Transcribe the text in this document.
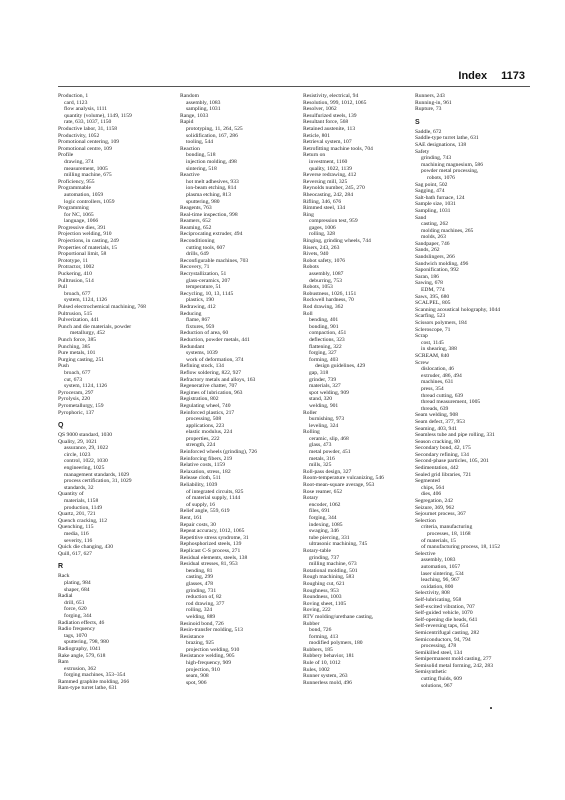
Index 1173
Production, 1
card, 1123
flow analysis, 1111
quantity (volume), 1149, 1159
rate, 633, 1037, 1150
Productive labor, 31, 1158
Productivity, 1052
Promotional centering, 109
Promotional centre, 109
Profile
drawing, 374
measurement, 1005
milling machine, 675
Proficiency, 955
Programmable
automation, 1059
logic controllers, 1059
Programming
for NC, 1065
language, 1066
Progressive dies, 391
Projection welding, 910
Projections, in casting, 249
Properties of materials, 15
Proportional limit, 58
Prototype, 11
Protractor, 1002
Puckering, 410
Pulltrusion, 514
Pull
broach, 677
system, 1124, 1126
Pulsed electrochemical machining, 768
Pultrusion, 515
Pulverization, 441
Punch and die materials, powder
metallurgy, 452
Punch force, 385
Punching, 385
Pure metals, 101
Purging casting, 251
Push
broach, 677
cut, 673
system, 1124, 1126
Pyroceram, 297
Pyrolysis, 220
Pyrometallurgy, 159
Pyrophoric, 137
Q
QS 9000 standard, 1030
Quality, 29, 1021
assurance, 29, 1022
circle, 1023
control, 1022, 1030
engineering, 1025
management standards, 1029
process certification, 31, 1029
standards, 32
Quantity of
materials, 1158
production, 1149
Quartz, 201, 721
Quench cracking, 112
Quenching, 115
media, 116
severity, 116
Quick die changing, 430
Quill, 617, 627
R
Rack
plating, 984
shaper, 684
Radial
drill, 651
force, 620
forging, 344
Radiation effects, 46
Radio frequency
tags, 1070
sputtering, 798, 980
Radiography, 1041
Rake angle, 579, 618
Ram
extrusion, 362
forging machines, 353–354
Rammed graphite molding, 266
Ram-type turret lathe, 631
Random
assembly, 1083
sampling, 1031
Range, 1033
Rapid
prototyping, 11, 264, 525
solidification, 167, 286
tooling, 544
Reaction
bonding, 518
injection molding, 498
sintering, 518
Reactive
hot melt adhesives, 933
ion-beam etching, 814
plasma etching, 813
sputtering, 980
Reagents, 763
Real-time inspection, 998
Reamers, 652
Reaming, 652
Reciprocating extruder, 494
Reconditioning
cutting tools, 607
drills, 649
Reconfigurable machines, 703
Recovery, 71
Recrystallization, 51
glass-ceramics, 207
temperature, 51
Recycling, 10, 13, 1145
plastics, 190
Redrawing, 412
Reducing
flame, 867
fixtures, 959
Reduction of area, 60
Reduction, powder metals, 441
Redundant
systems, 1039
work of deformation, 374
Refining stock, 134
Reflow soldering, 822, 927
Refractory metals and alloys, 163
Regenerative chatter, 707
Regimes of lubrication, 963
Registration, 802
Regulating wheel, 740
Reinforced plastics, 217
processing, 508
applications, 223
elastic modulus, 224
properties, 222
strength, 224
Reinforced wheels (grinding), 726
Reinforcing fibers, 219
Relative costs, 1159
Relaxation, stress, 182
Release cloth, 511
Reliability, 1039
of integrated circuits, 825
of material supply, 1144
of supply, 16
Relief angle, 559, 619
Rent, 161
Repair costs, 30
Repeat accuracy, 1012, 1065
Repetitive stress syndrome, 31
Rephosphorized steels, 139
Replicast C-S process, 271
Residual elements, steels, 138
Residual stresses, 81, 953
bending, 81
casting, 299
glasses, 478
grinding, 731
reduction of, 82
rod drawing, 377
rolling, 324
welding, 889
Resinoid bond, 726
Resin-transfer molding, 513
Resistance
brazing, 925
projection welding, 910
Resistance welding, 905
high-frequency, 909
projection, 910
seam, 908
spot, 906
Resistivity, electrical, 94
Resolution, 999, 1012, 1065
Resolver, 1062
Resulfurized steels, 139
Resultant force, 568
Retained austenite, 113
Reticle, 801
Retrieval system, 107
Retrofitting machine tools, 704
Return on
investment, 1160
quality, 1022, 1139
Reverse redrawing, 412
Reversing mill, 325
Reynolds number, 245, 270
Rheocasting, 242, 284
Rifling, 346, 676
Rimmed steel, 134
Ring
compression test, 959
gages, 1006
rolling, 328
Ringing, grinding wheels, 744
Risers, 243, 263
Rivets, 940
Robot safety, 1076
Robots
assembly, 1087
deburring, 753
Robots, 1053
Robustness, 1026, 1151
Rockwell hardness, 70
Rod drawing, 362
Roll
bending, 401
bonding, 901
compaction, 451
deflections, 323
flattening, 322
forging, 327
forming, 403
design guidelines, 429
gap, 318
grinder, 739
materials, 327
spot welding, 909
stand, 320
welding, 901
Roller
burnishing, 973
leveling, 324
Rolling
ceramic, slip, 468
glass, 473
metal powder, 451
metals, 316
mills, 325
Roll-pass design, 327
Room-temperature vulcanizing, 546
Root-mean-square average, 953
Rose reamer, 652
Rotary
encoder, 1062
files, 691
forging, 344
indexing, 1085
swaging, 346
tube piercing, 331
ultrasonic machining, 745
Rotary-table
grinding, 737
milling machine, 673
Rotational molding, 501
Rough machining, 583
Roughing cut, 621
Roughness, 953
Roundness, 1003
Roving sheet, 1105
Roving, 222
RTV molding/urethane casting,
Rubber
bond, 726
forming, 413
modified polymers, 180
Rubbers, 185
Rubbery behavior, 181
Rule of 10, 1012
Rules, 1002
Runner system, 263
Runnerless mold, 496
Runners, 243
Running-in, 961
Rupture, 73
S
Saddle, 672
Saddle-type turret lathe, 631
SAE designations, 138
Safety
grinding, 743
machining magnesium, 586
powder metal processing,
robots, 1076
Sag point, 502
Sagging, 474
Salt-bath furnace, 124
Sample size, 1031
Sampling, 1031
Sand
casting, 262
molding machines, 265
molds, 263
Sandpaper, 746
Sands, 262
Sandslingers, 266
Sandwich molding, 496
Saponification, 992
Saran, 186
Sawing, 678
EDM, 774
Saws, 395, 680
SCALPEL, 805
Scanning acoustical holography, 1044
Scarfing, 523
Scissors polymers, 184
Scleroscope, 71
Scrap
cost, 1145
in shearing, 388
SCREAM, 840
Screw
dislocation, 46
extruder, 486, 494
machines, 631
press, 354
thread cutting, 639
thread measurement, 1005
threads, 639
Seam welding, 908
Seam defect, 377, 953
Seaming, 403, 941
Seamless tube and pipe rolling, 331
Season cracking, 80
Secondary bond, 42, 175
Secondary refining, 134
Second-phase particles, 105, 201
Sedimentation, 442
Sealed grid libraries, 721
Segmented
chips, 564
dies, 406
Segregation, 242
Seizure, 369, 962
Sejournet process, 367
Selection
criteria, manufacturing
processes, 18, 1168
of materials, 15
of manufacturing process, 18, 1152
Selective
assembly, 1083
automation, 1057
laser sintering, 534
leaching, 96, 967
oxidation, 800
Selectivity, 808
Self-lubricating, 958
Self-excited vibration, 707
Self-guided vehicle, 1070
Self-opening die heads, 641
Self-reversing taps, 654
Semicentrifugal casting, 282
Semiconductors, 94, 794
processing, 478
Semikilled steel, 134
Semipermanent mold casting, 277
Semisolid metal forming, 242, 283
Semisynthetic
cutting fluids, 609
solutions, 967
